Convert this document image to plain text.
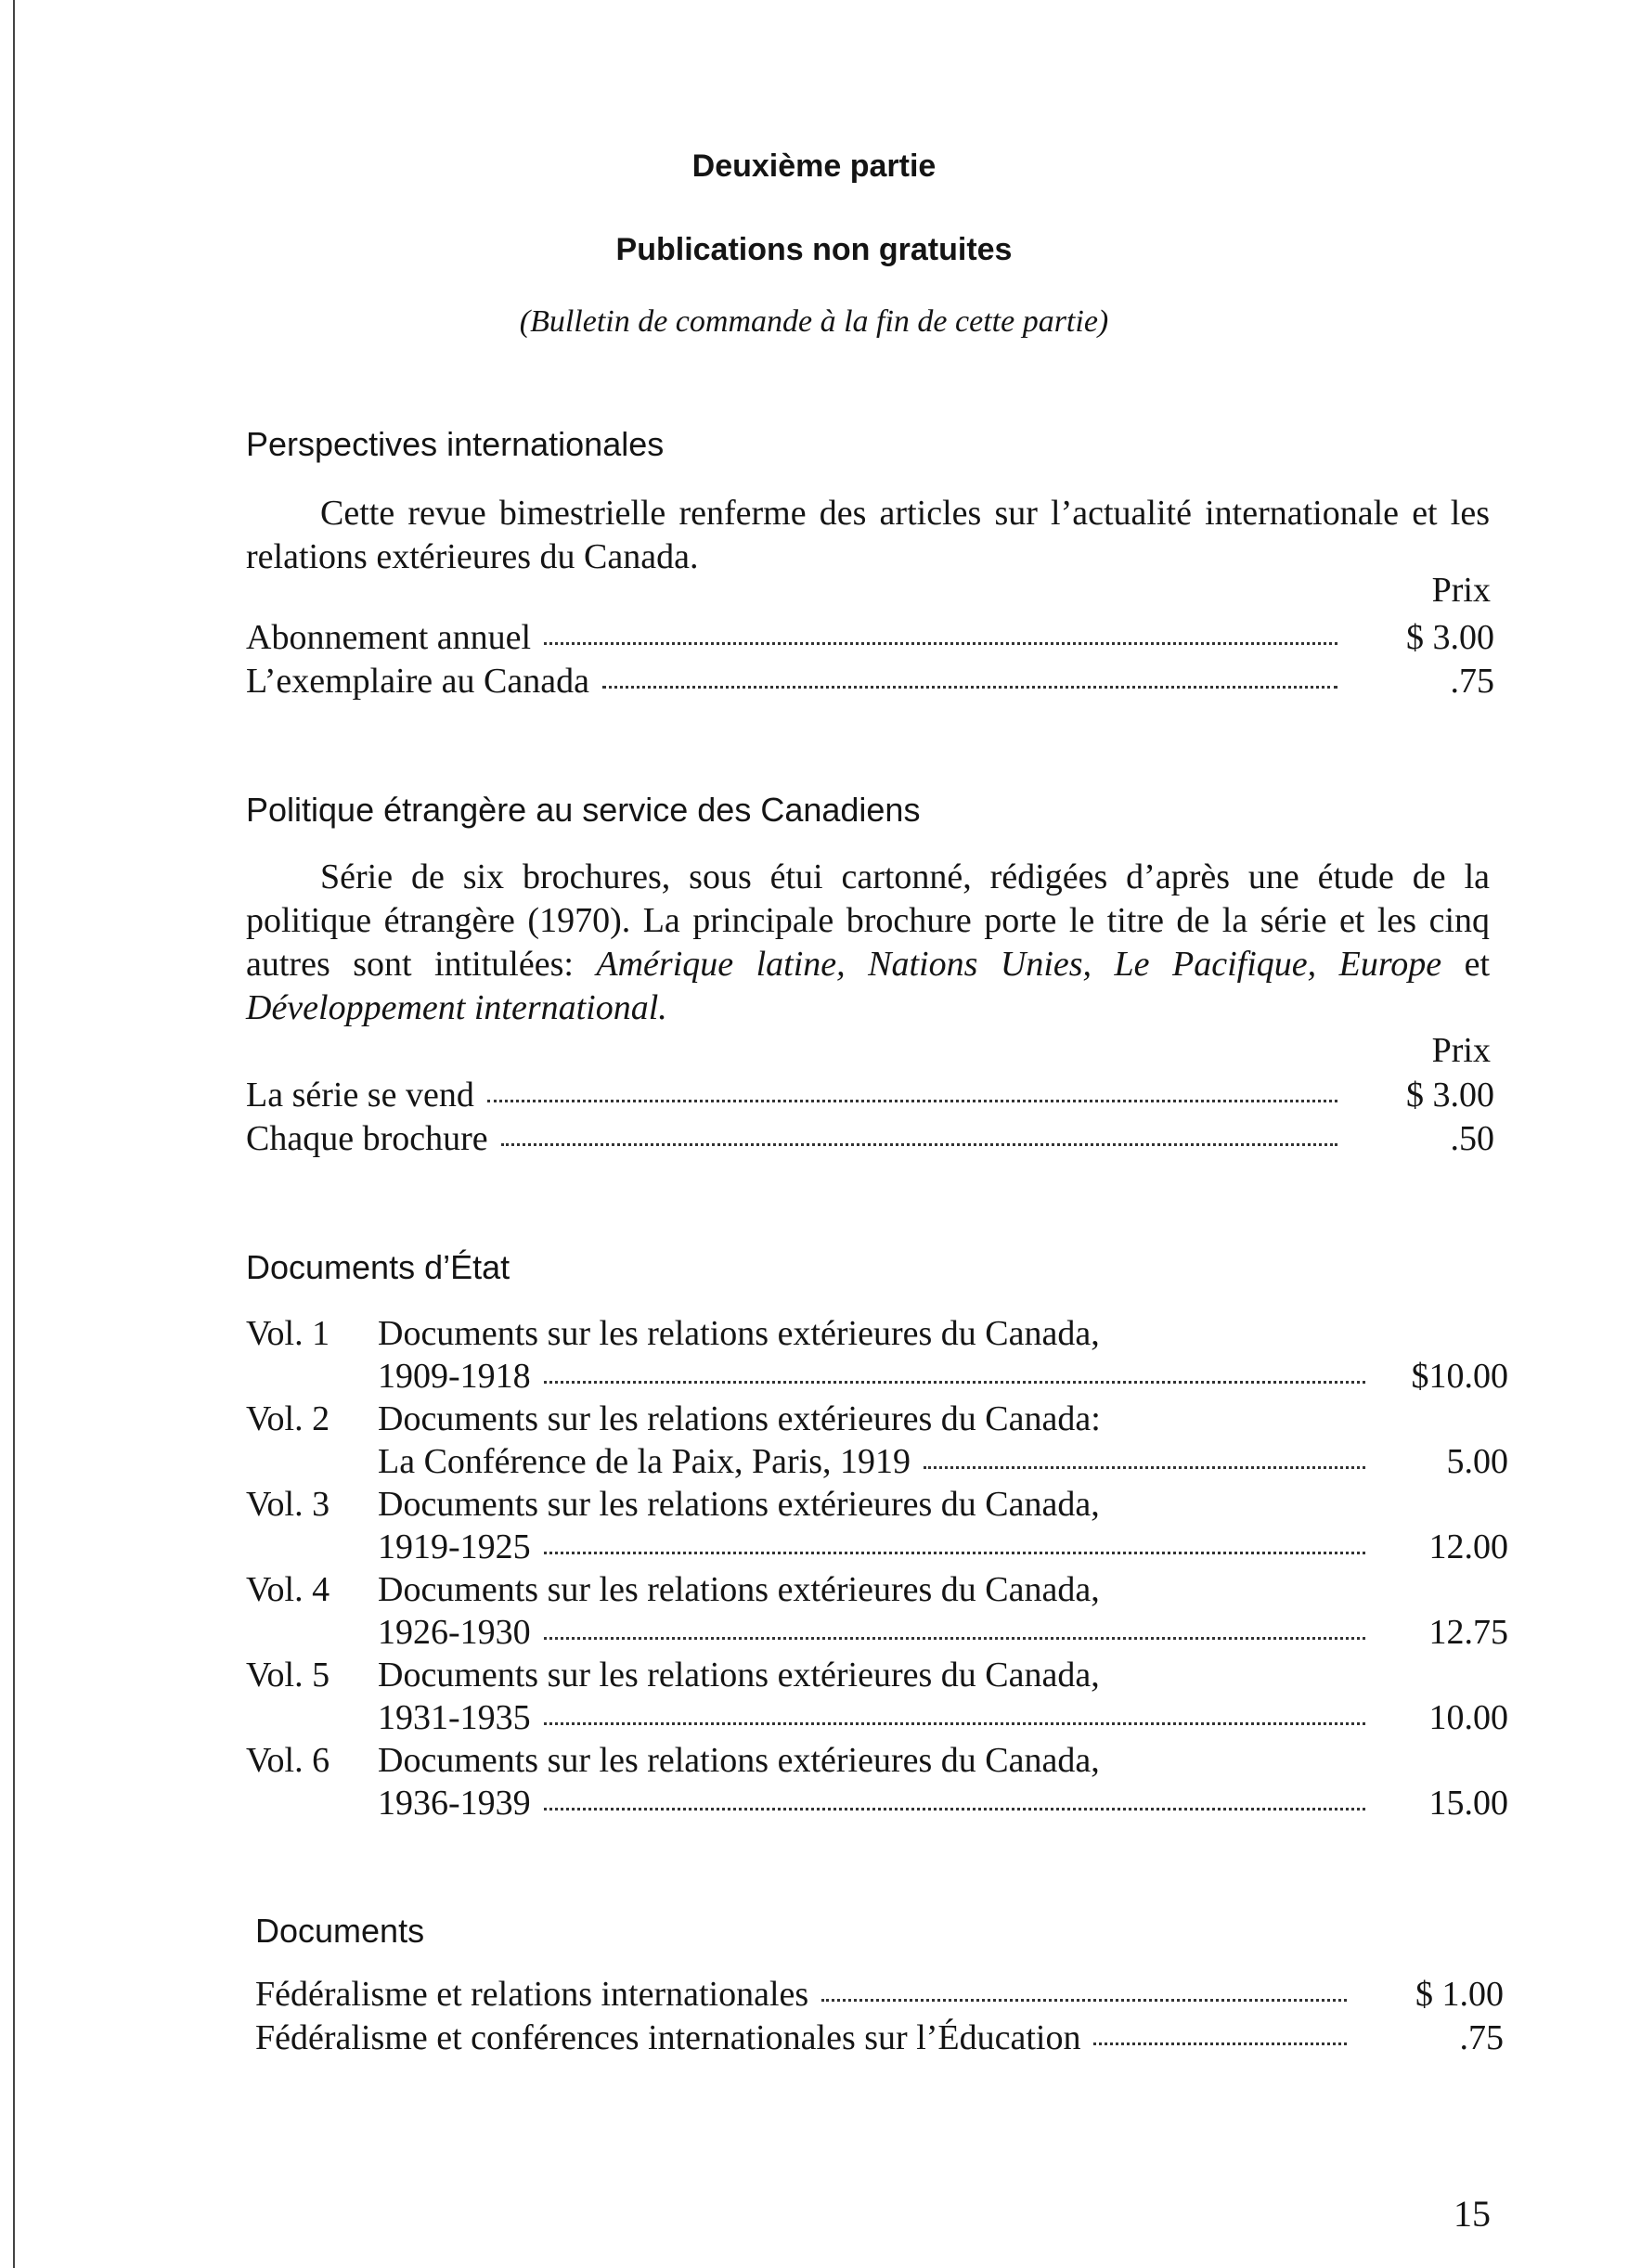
Deuxième partie
Publications non gratuites
(Bulletin de commande à la fin de cette partie)
Perspectives internationales

Cette revue bimestrielle renferme des articles sur l’actualité internationale et les relations extérieures du Canada.

Prix
Abonnement annuel	$ 3.00
L’exemplaire au Canada	.75
Politique étrangère au service des Canadiens

Série de six brochures, sous étui cartonné, rédigées d’après une étude de la politique étrangère (1970). La principale brochure porte le titre de la série et les cinq autres sont intitulées: Amérique latine, Nations Unies, Le Pacifique, Europe et Développement international.

Prix
La série se vend	$ 3.00
Chaque brochure	.50
Documents d’État
Vol. 1 Documents sur les relations extérieures du Canada,
1909-1918	$10.00
Vol. 2 Documents sur les relations extérieures du Canada:
La Conférence de la Paix, Paris, 1919	5.00
Vol. 3 Documents sur les relations extérieures du Canada,
1919-1925	12.00
Vol. 4 Documents sur les relations extérieures du Canada,
1926-1930	12.75
Vol. 5 Documents sur les relations extérieures du Canada,
1931-1935	10.00
Vol. 6 Documents sur les relations extérieures du Canada,
1936-1939	15.00
Documents
Fédéralisme et relations internationales	$ 1.00
Fédéralisme et conférences internationales sur l’Éducation	.75
15
